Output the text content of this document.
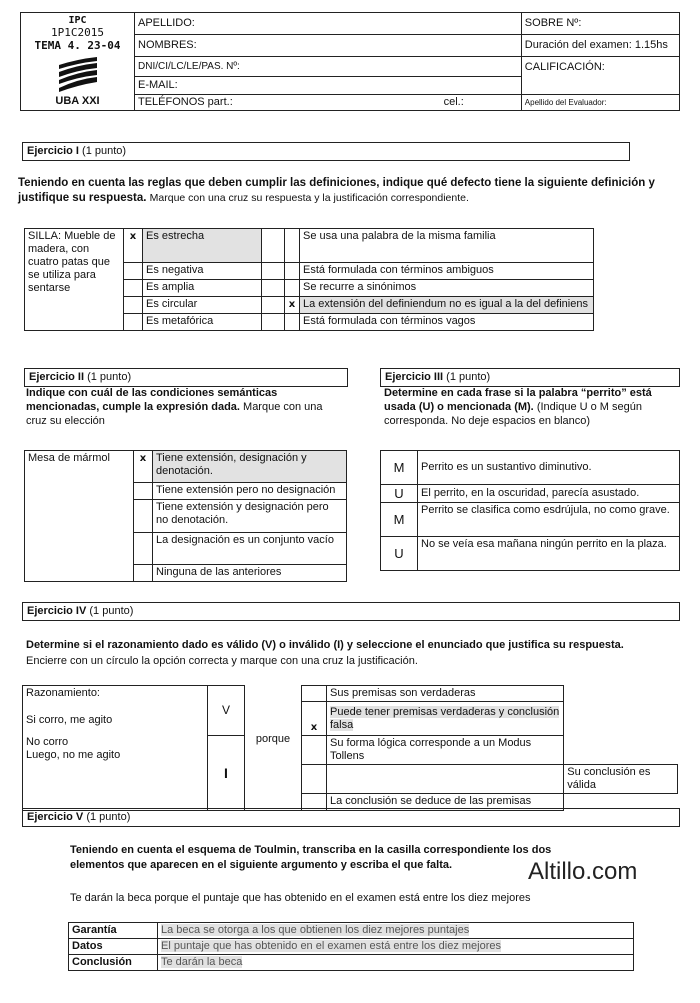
IPC
1P1C2015
TEMA 4. 23-04
UBA XXI	APELLIDO:		SOBRE Nº:
	NOMBRES:		Duración del examen: 1.15hs
	DNI/CI/LC/LE/PAS. Nº:		CALIFICACIÓN:
	E-MAIL:		
	TELÉFONOS part.:	cel.:	Apellido del Evaluador:
Ejercicio I (1 punto)

Teniendo en cuenta las reglas que deben cumplir las definiciones, indique qué defecto tiene la siguiente definición y justifique su respuesta. Marque con una cruz su respuesta y la justificación correspondiente.

SILLA: Mueble de madera, con cuatro patas que se utiliza para sentarse	x	Es estrecha			Se usa una palabra de la misma familia
		Es negativa			Está formulada con términos ambiguos
		Es amplia			Se recurre a sinónimos
		Es circular		x	La extensión del definiendum no es igual a la del definiens
		Es metafórica			Está formulada con términos vagos
Ejercicio II (1 punto)

Indique con cuál de las condiciones semánticas mencionadas, cumple la expresión dada. Marque con una cruz su elección

Mesa de mármol	x	Tiene extensión, designación y denotación.
		Tiene extensión pero no designación
		Tiene extensión y designación pero no denotación.
		La designación es un conjunto vacío
		Ninguna de las anteriores
Ejercicio III (1 punto)

Determine en cada frase si la palabra “perrito” está usada (U) o mencionada (M). (Indique U o M según corresponda. No deje espacios en blanco)

M	Perrito es un sustantivo diminutivo.
U	El perrito, en la oscuridad, parecía asustado.
M	Perrito se clasifica como esdrújula, no como grave.
U	No se veía esa mañana ningún perrito en la plaza.
Ejercicio IV (1 punto)

Determine si el razonamiento dado es válido (V) o inválido (I) y seleccione el enunciado que justifica su respuesta.
Encierre con un círculo la opción correcta y marque con una cruz la justificación.

Razonamiento:
Si corro, me agito	V	porque		Sus premisas son verdaderas	
			x	Puede tener premisas verdaderas y conclusión falsa	

No corro
Luego, no me agito	I			Su forma lógica corresponde a un Modus Tollens	
					Su conclusión es válida
				La conclusión se deduce de las premisas	
Ejercicio V (1 punto)

Teniendo en cuenta el esquema de Toulmin, transcriba en la casilla correspondiente los dos elementos que aparecen en el siguiente argumento y escriba el que falta.	Altillo.com

Te darán la beca porque el puntaje que has obtenido en el examen está entre los diez mejores

Garantía	La beca se otorga a los que obtienen los diez mejores puntajes
Datos	El puntaje que has obtenido en el examen está entre los diez mejores
Conclusión	Te darán la beca
